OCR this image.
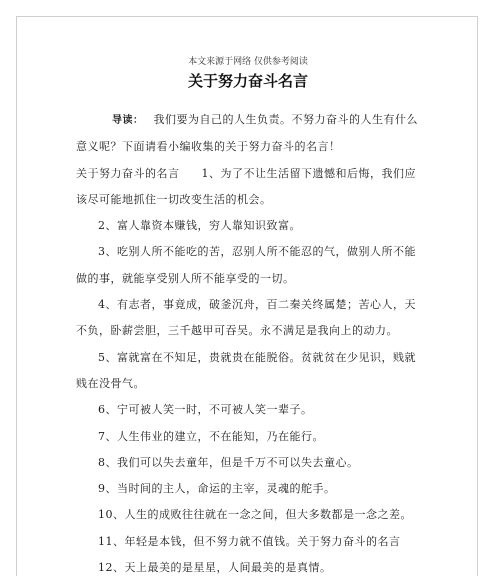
本文来源于网络 仅供参考阅读
关于努力奋斗名言

导读： 我们要为自己的人生负责。不努力奋斗的人生有什么意义呢？下面请看小编收集的关于努力奋斗的名言！

关于努力奋斗的名言 1、为了不让生活留下遗憾和后悔，我们应该尽可能地抓住一切改变生活的机会。

2、富人靠资本赚钱，穷人靠知识致富。

3、吃别人所不能吃的苦，忍别人所不能忍的气，做别人所不能做的事，就能享受别人所不能享受的一切。

4、有志者，事竟成，破釜沉舟，百二秦关终属楚；苦心人，天不负，卧薪尝胆，三千越甲可吞吴。永不满足是我向上的动力。

5、富就富在不知足，贵就贵在能脱俗。贫就贫在少见识，贱就贱在没骨气。

6、宁可被人笑一时，不可被人笑一辈子。

7、人生伟业的建立，不在能知，乃在能行。

8、我们可以失去童年，但是千万不可以失去童心。

9、当时间的主人，命运的主宰，灵魂的舵手。

10、人生的成败往往就在一念之间，但大多数都是一念之差。

11、年轻是本钱，但不努力就不值钱。关于努力奋斗的名言

12、天上最美的是星星，人间最美的是真情。
